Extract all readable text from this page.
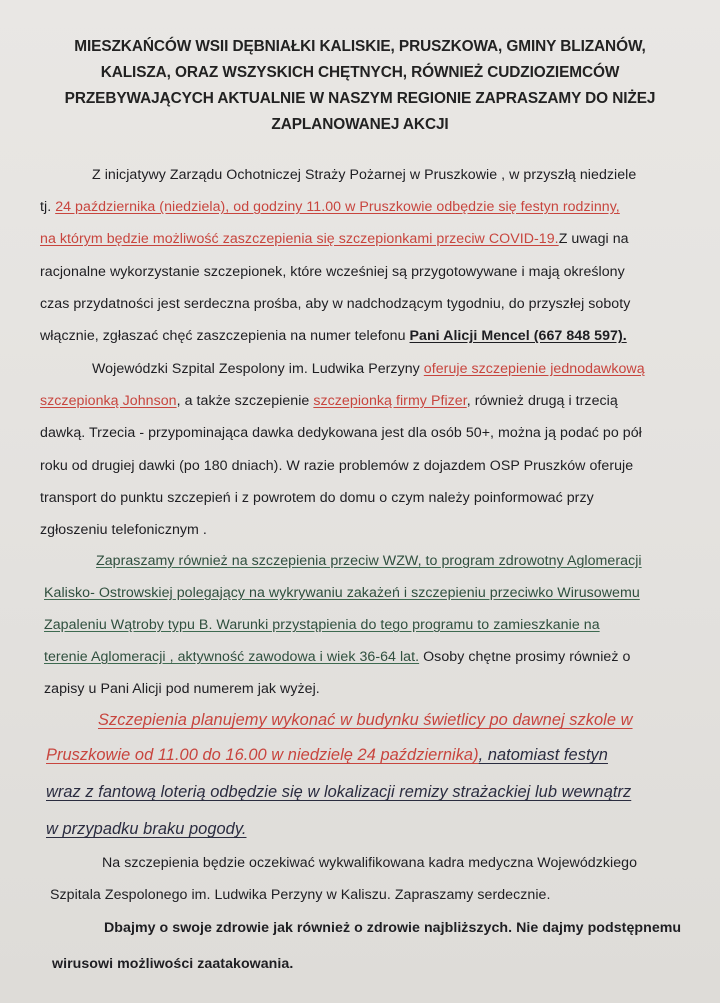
MIESZKAŃCÓW WSII DĘBNIAŁKI KALISKIE, PRUSZKOWA, GMINY BLIZANÓW,
KALISZA, ORAZ WSZYSKICH CHĘTNYCH, RÓWNIEŻ CUDZIOZIEMCÓW
PRZEBYWAJĄCYCH AKTUALNIE W NASZYM REGIONIE ZAPRASZAMY DO NIŻEJ
ZAPLANOWANEJ AKCJI
Z inicjatywy Zarządu Ochotniczej Straży Pożarnej w Pruszkowie , w przyszłą niedziele
tj. 24 października (niedziela), od godziny 11.00 w Pruszkowie odbędzie się festyn rodzinny,
na którym będzie możliwość zaszczepienia się szczepionkami przeciw COVID-19.Z uwagi na
racjonalne wykorzystanie szczepionek, które wcześniej są przygotowywane i mają określony
czas przydatności jest serdeczna prośba, aby w nadchodzącym tygodniu, do przyszłej soboty
włącznie, zgłaszać chęć zaszczepienia na numer telefonu Pani Alicji Mencel (667 848 597).
Wojewódzki Szpital Zespolony im. Ludwika Perzyny oferuje szczepienie jednodawkową
szczepionką Johnson, a także szczepienie szczepionką firmy Pfizer, również drugą i trzecią
dawką. Trzecia - przypominająca dawka dedykowana jest dla osób 50+, można ją podać po pół
roku od drugiej dawki (po 180 dniach). W razie problemów z dojazdem OSP Pruszków oferuje
transport do punktu szczepień i z powrotem do domu o czym należy poinformować przy
zgłoszeniu telefonicznym .
Zapraszamy również na szczepienia przeciw WZW, to program zdrowotny Aglomeracji
Kalisko- Ostrowskiej polegający na wykrywaniu zakażeń i szczepieniu przeciwko Wirusowemu
Zapaleniu Wątroby typu B. Warunki przystąpienia do tego programu to zamieszkanie na
terenie Aglomeracji , aktywność zawodowa i wiek 36-64 lat. Osoby chętne prosimy również o
zapisy u Pani Alicji pod numerem jak wyżej.
Szczepienia planujemy wykonać w budynku świetlicy po dawnej szkole w
Pruszkowie od 11.00 do 16.00 w niedzielę 24 października), natomiast festyn
wraz z fantową loterią odbędzie się w lokalizacji remizy strażackiej lub wewnątrz
w przypadku braku pogody.
Na szczepienia będzie oczekiwać wykwalifikowana kadra medyczna Wojewódzkiego
Szpitala Zespolonego im. Ludwika Perzyny w Kaliszu. Zapraszamy serdecznie.
Dbajmy o swoje zdrowie jak również o zdrowie najbliższych. Nie dajmy podstępnemu
wirusowi możliwości zaatakowania.
